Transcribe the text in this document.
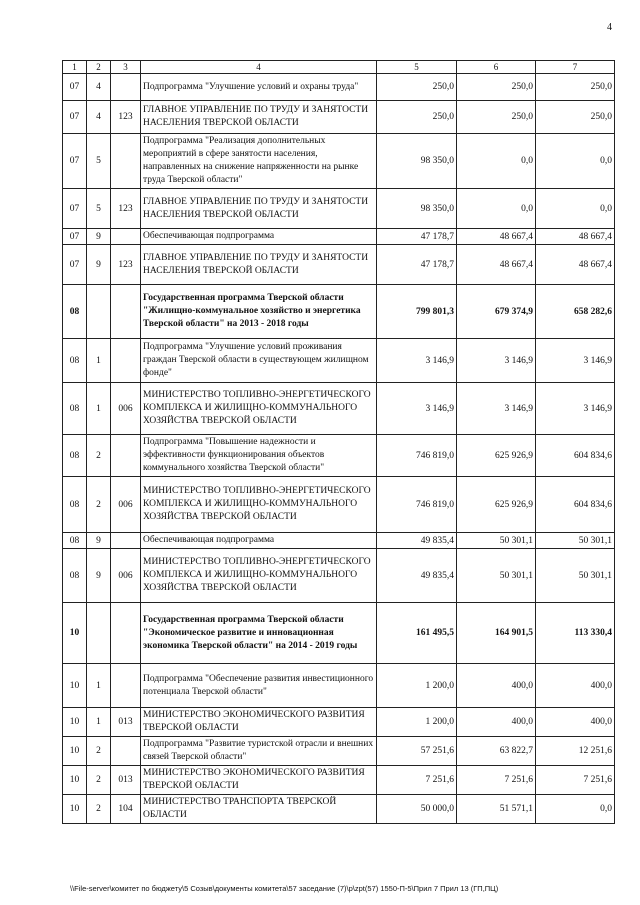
4
1	2	3	4	5	6	7
07	4		Подпрограмма "Улучшение условий и охраны труда"	250,0	250,0	250,0
07	4	123	ГЛАВНОЕ УПРАВЛЕНИЕ ПО ТРУДУ И ЗАНЯТОСТИ НАСЕЛЕНИЯ ТВЕРСКОЙ ОБЛАСТИ	250,0	250,0	250,0
07	5		Подпрограмма "Реализация дополнительных мероприятий в сфере занятости населения, направленных на снижение напряженности на рынке труда Тверской области"	98 350,0	0,0	0,0
07	5	123	ГЛАВНОЕ УПРАВЛЕНИЕ ПО ТРУДУ И ЗАНЯТОСТИ НАСЕЛЕНИЯ ТВЕРСКОЙ ОБЛАСТИ	98 350,0	0,0	0,0
07	9		Обеспечивающая подпрограмма	47 178,7	48 667,4	48 667,4
07	9	123	ГЛАВНОЕ УПРАВЛЕНИЕ ПО ТРУДУ И ЗАНЯТОСТИ НАСЕЛЕНИЯ ТВЕРСКОЙ ОБЛАСТИ	47 178,7	48 667,4	48 667,4
08			Государственная программа Тверской области "Жилищно-коммунальное хозяйство и энергетика Тверской области" на 2013 - 2018 годы	799 801,3	679 374,9	658 282,6
08	1		Подпрограмма "Улучшение условий проживания граждан Тверской области в существующем жилищном фонде"	3 146,9	3 146,9	3 146,9
08	1	006	МИНИСТЕРСТВО ТОПЛИВНО-ЭНЕРГЕТИЧЕСКОГО КОМПЛЕКСА И ЖИЛИЩНО-КОММУНАЛЬНОГО ХОЗЯЙСТВА ТВЕРСКОЙ ОБЛАСТИ	3 146,9	3 146,9	3 146,9
08	2		Подпрограмма "Повышение надежности и эффективности функционирования объектов коммунального хозяйства Тверской области"	746 819,0	625 926,9	604 834,6
08	2	006	МИНИСТЕРСТВО ТОПЛИВНО-ЭНЕРГЕТИЧЕСКОГО КОМПЛЕКСА И ЖИЛИЩНО-КОММУНАЛЬНОГО ХОЗЯЙСТВА ТВЕРСКОЙ ОБЛАСТИ	746 819,0	625 926,9	604 834,6
08	9		Обеспечивающая подпрограмма	49 835,4	50 301,1	50 301,1
08	9	006	МИНИСТЕРСТВО ТОПЛИВНО-ЭНЕРГЕТИЧЕСКОГО КОМПЛЕКСА И ЖИЛИЩНО-КОММУНАЛЬНОГО ХОЗЯЙСТВА ТВЕРСКОЙ ОБЛАСТИ	49 835,4	50 301,1	50 301,1
10			Государственная программа Тверской области "Экономическое развитие и инновационная экономика Тверской области" на 2014 - 2019 годы	161 495,5	164 901,5	113 330,4
10	1		Подпрограмма "Обеспечение развития инвестиционного потенциала Тверской области"	1 200,0	400,0	400,0
10	1	013	МИНИСТЕРСТВО ЭКОНОМИЧЕСКОГО РАЗВИТИЯ ТВЕРСКОЙ ОБЛАСТИ	1 200,0	400,0	400,0
10	2		Подпрограмма "Развитие туристской отрасли и внешних связей Тверской области"	57 251,6	63 822,7	12 251,6
10	2	013	МИНИСТЕРСТВО ЭКОНОМИЧЕСКОГО РАЗВИТИЯ ТВЕРСКОЙ ОБЛАСТИ	7 251,6	7 251,6	7 251,6
10	2	104	МИНИСТЕРСТВО ТРАНСПОРТА ТВЕРСКОЙ ОБЛАСТИ	50 000,0	51 571,1	0,0
\\File-server\комитет по бюджету\5 Созыв\документы комитета\57 заседание (7)\р\zpt(57) 1550-П-5\Прил 7 Прил 13 (ГП,ПЦ)
